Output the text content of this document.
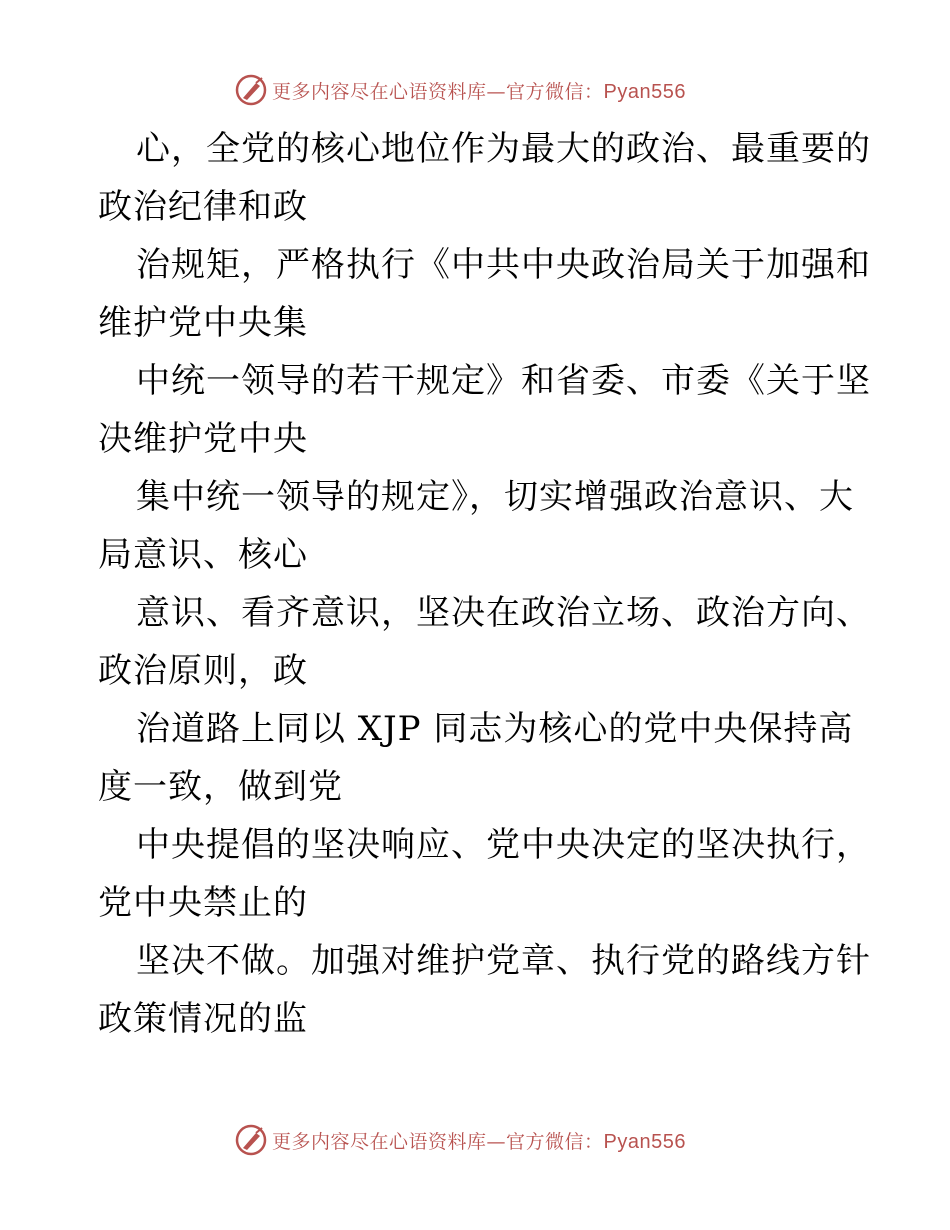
更多内容尽在心语资料库—官方微信：Pyan556
心，全党的核心地位作为最大的政治、最重要的
政治纪律和政
治规矩，严格执行《中共中央政治局关于加强和
维护党中央集
中统一领导的若干规定》和省委、市委《关于坚
决维护党中央
集中统一领导的规定》，切实增强政治意识、大
局意识、核心
意识、看齐意识，坚决在政治立场、政治方向、
政治原则，政
治道路上同以 XJP 同志为核心的党中央保持高
度一致，做到党
中央提倡的坚决响应、党中央决定的坚决执行，
党中央禁止的
坚决不做。加强对维护党章、执行党的路线方针
政策情况的监
更多内容尽在心语资料库—官方微信：Pyan556
